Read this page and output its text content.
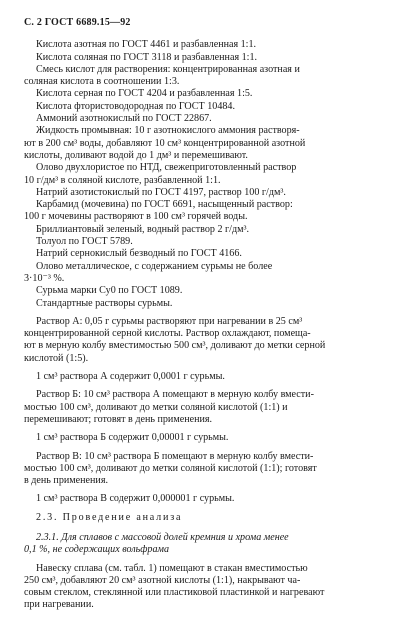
С. 2 ГОСТ 6689.15—92

Кислота азотная по ГОСТ 4461 и разбавленная 1:1.

Кислота соляная по ГОСТ 3118 и разбавленная 1:1.

Смесь кислот для растворения: концентрированная азотная и

соляная кислота в соотношении 1:3.

Кислота серная по ГОСТ 4204 и разбавленная 1:5.

Кислота фтористоводородная по ГОСТ 10484.

Аммоний азотнокислый по ГОСТ 22867.

Жидкость промывная: 10 г азотнокислого аммония растворя-

ют в 200 см³ воды, добавляют 10 см³ концентрированной азотной

кислоты, доливают водой до 1 дм³ и перемешивают.

Олово двухлористое по НТД, свежеприготовленный раствор

10 г/дм³ в соляной кислоте, разбавленной 1:1.

Натрий азотистокислый по ГОСТ 4197, раствор 100 г/дм³.

Карбамид (мочевина) по ГОСТ 6691, насыщенный раствор:

100 г мочевины растворяют в 100 см³ горячей воды.

Бриллиантовый зеленый, водный раствор 2 г/дм³.

Толуол по ГОСТ 5789.

Натрий сернокислый безводный по ГОСТ 4166.

Олово металлическое, с содержанием сурьмы не более

3·10⁻³ %.

Сурьма марки Су0 по ГОСТ 1089.

Стандартные растворы сурьмы.

Раствор А: 0,05 г сурьмы растворяют при нагревании в 25 см³

концентрированной серной кислоты. Раствор охлаждают, помеща-

ют в мерную колбу вместимостью 500 см³, доливают до метки серной

кислотой (1:5).

1 см³ раствора А содержит 0,0001 г сурьмы.

Раствор Б: 10 см³ раствора А помещают в мерную колбу вмести-

мостью 100 см³, доливают до метки соляной кислотой (1:1) и

перемешивают; готовят в день применения.

1 см³ раствора Б содержит 0,00001 г сурьмы.

Раствор В: 10 см³ раствора Б помещают в мерную колбу вмести-

мостью 100 см³, доливают до метки соляной кислотой (1:1); готовят

в день применения.

1 см³ раствора В содержит 0,000001 г сурьмы.

2.3. Проведение анализа

2.3.1. Для сплавов с массовой долей кремния и хрома менее

0,1 %, не содержащих вольфрама

Навеску сплава (см. табл. 1) помещают в стакан вместимостью

250 см³, добавляют 20 см³ азотной кислоты (1:1), накрывают ча-

совым стеклом, стеклянной или пластиковой пластинкой и нагревают

при нагревании.
